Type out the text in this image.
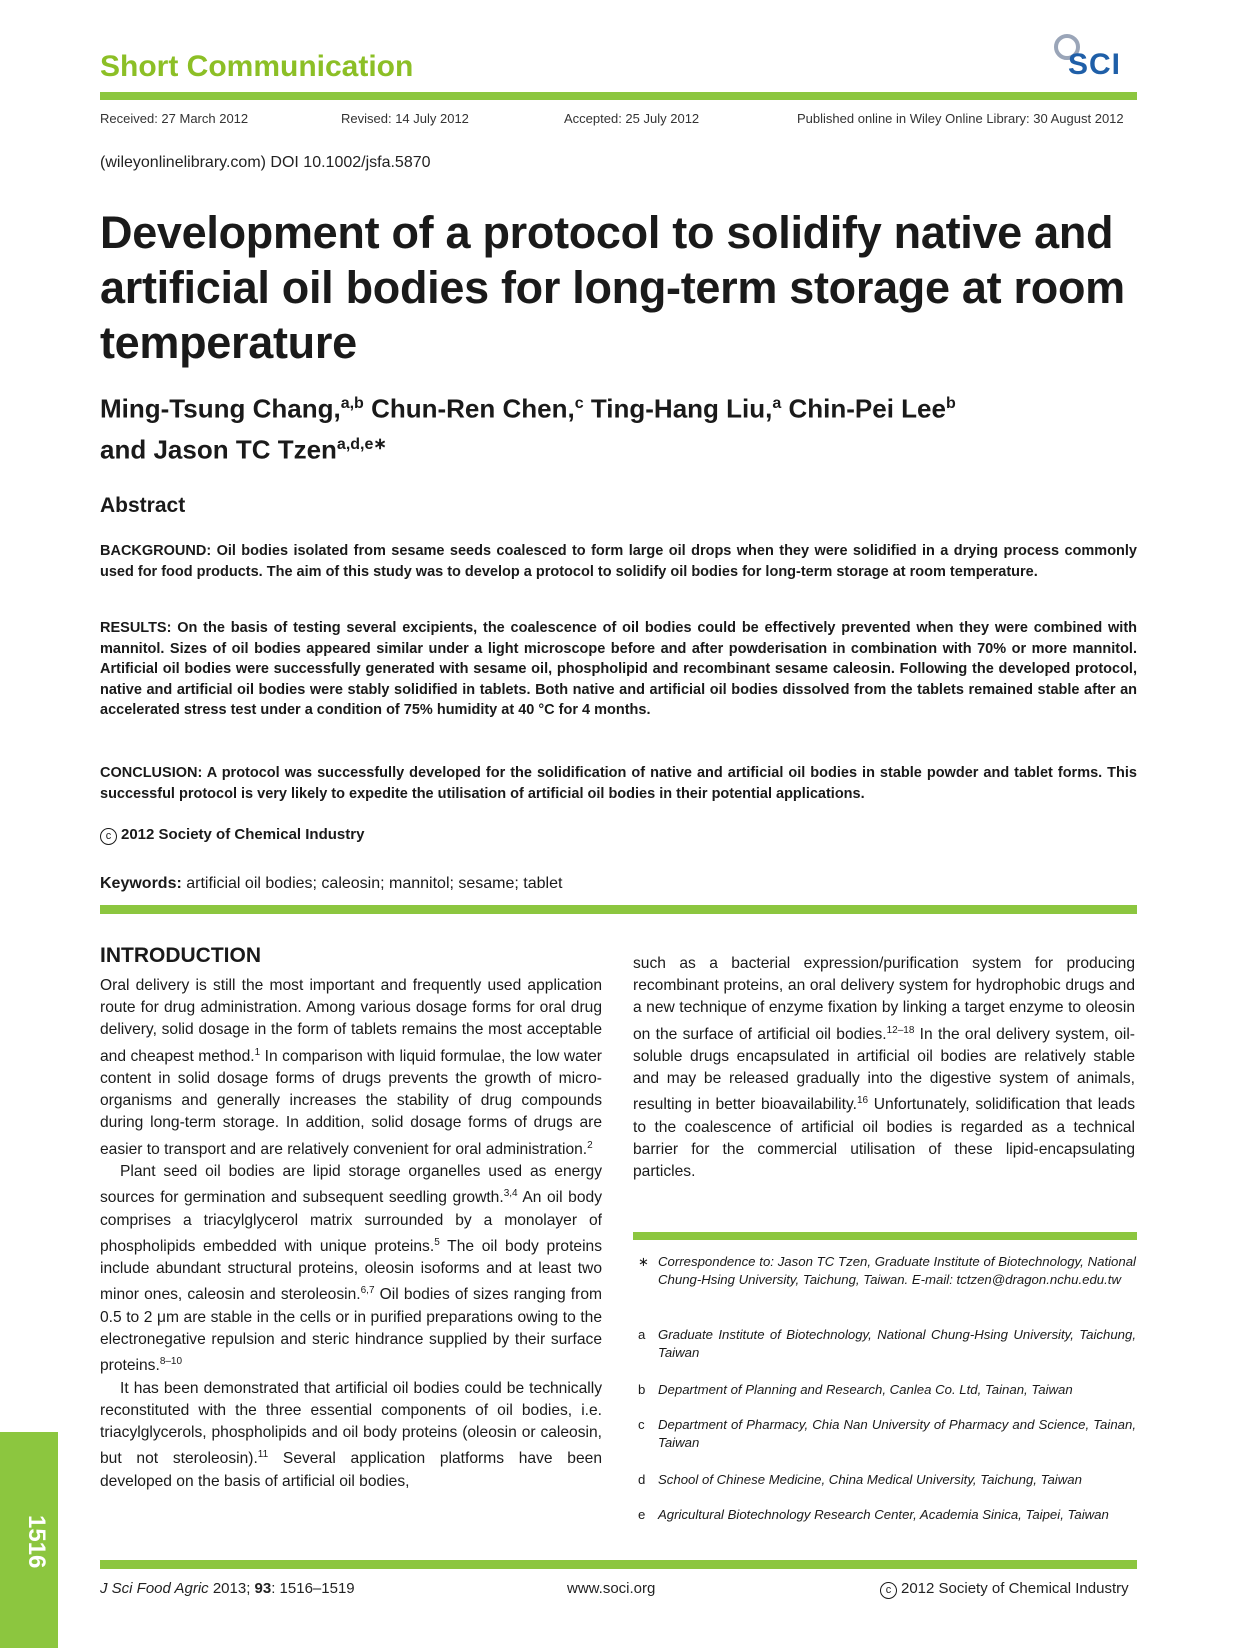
Short Communication	SCI
Received: 27 March 2012	Revised: 14 July 2012	Accepted: 25 July 2012	Published online in Wiley Online Library: 30 August 2012
(wileyonlinelibrary.com) DOI 10.1002/jsfa.5870
Development of a protocol to solidify native and artificial oil bodies for long-term storage at room temperature
Ming-Tsung Chang,$^{a,b}$ Chun-Ren Chen,$^c$ Ting-Hang Liu,$^a$ Chin-Pei Lee$^b$
and Jason TC Tzen$^{a,d,e∗}$
Abstract
BACKGROUND: Oil bodies isolated from sesame seeds coalesced to form large oil drops when they were solidified in a drying process commonly used for food products. The aim of this study was to develop a protocol to solidify oil bodies for long-term storage at room temperature.
RESULTS: On the basis of testing several excipients, the coalescence of oil bodies could be effectively prevented when they were combined with mannitol. Sizes of oil bodies appeared similar under a light microscope before and after powderisation in combination with 70% or more mannitol. Artificial oil bodies were successfully generated with sesame oil, phospholipid and recombinant sesame caleosin. Following the developed protocol, native and artificial oil bodies were stably solidified in tablets. Both native and artificial oil bodies dissolved from the tablets remained stable after an accelerated stress test under a condition of 75% humidity at 40 °C for 4 months.
CONCLUSION: A protocol was successfully developed for the solidification of native and artificial oil bodies in stable powder and tablet forms. This successful protocol is very likely to expedite the utilisation of artificial oil bodies in their potential applications.
c 2012 Society of Chemical Industry
Keywords: artificial oil bodies; caleosin; mannitol; sesame; tablet
INTRODUCTION

Oral delivery is still the most important and frequently used application route for drug administration. Among various dosage forms for oral drug delivery, solid dosage in the form of tablets remains the most acceptable and cheapest method.$^1$ In comparison with liquid formulae, the low water content in solid dosage forms of drugs prevents the growth of micro-organisms and generally increases the stability of drug compounds during long-term storage. In addition, solid dosage forms of drugs are easier to transport and are relatively convenient for oral administration.$^2$

Plant seed oil bodies are lipid storage organelles used as energy sources for germination and subsequent seedling growth.$^{3,4}$ An oil body comprises a triacylglycerol matrix surrounded by a monolayer of phospholipids embedded with unique proteins.$^5$ The oil body proteins include abundant structural proteins, oleosin isoforms and at least two minor ones, caleosin and steroleosin.$^{6,7}$ Oil bodies of sizes ranging from 0.5 to 2 μm are stable in the cells or in purified preparations owing to the electronegative repulsion and steric hindrance supplied by their surface proteins.$^{8-10}$

It has been demonstrated that artificial oil bodies could be technically reconstituted with the three essential components of oil bodies, i.e. triacylglycerols, phospholipids and oil body proteins (oleosin or caleosin, but not steroleosin).$^{11}$ Several application platforms have been developed on the basis of artificial oil bodies,

such as a bacterial expression/purification system for producing recombinant proteins, an oral delivery system for hydrophobic drugs and a new technique of enzyme fixation by linking a target enzyme to oleosin on the surface of artificial oil bodies.$^{12-18}$ In the oral delivery system, oil-soluble drugs encapsulated in artificial oil bodies are relatively stable and may be released gradually into the digestive system of animals, resulting in better bioavailability.$^{16}$ Unfortunately, solidification that leads to the coalescence of artificial oil bodies is regarded as a technical barrier for the commercial utilisation of these lipid-encapsulating particles.

∗ Correspondence to: Jason TC Tzen, Graduate Institute of Biotechnology, National Chung-Hsing University, Taichung, Taiwan. E-mail: tctzen@dragon.nchu.edu.tw
a Graduate Institute of Biotechnology, National Chung-Hsing University, Taichung, Taiwan
b Department of Planning and Research, Canlea Co. Ltd, Tainan, Taiwan
c	Department of Pharmacy, Chia Nan University of Pharmacy and Science, Tainan, Taiwan
d School of Chinese Medicine, China Medical University, Taichung, Taiwan
e Agricultural Biotechnology Research Center, Academia Sinica, Taipei, Taiwan
1516
J Sci Food Agric 2013; 93: 1516–1519	www.soci.org	c 2012 Society of Chemical Industry
